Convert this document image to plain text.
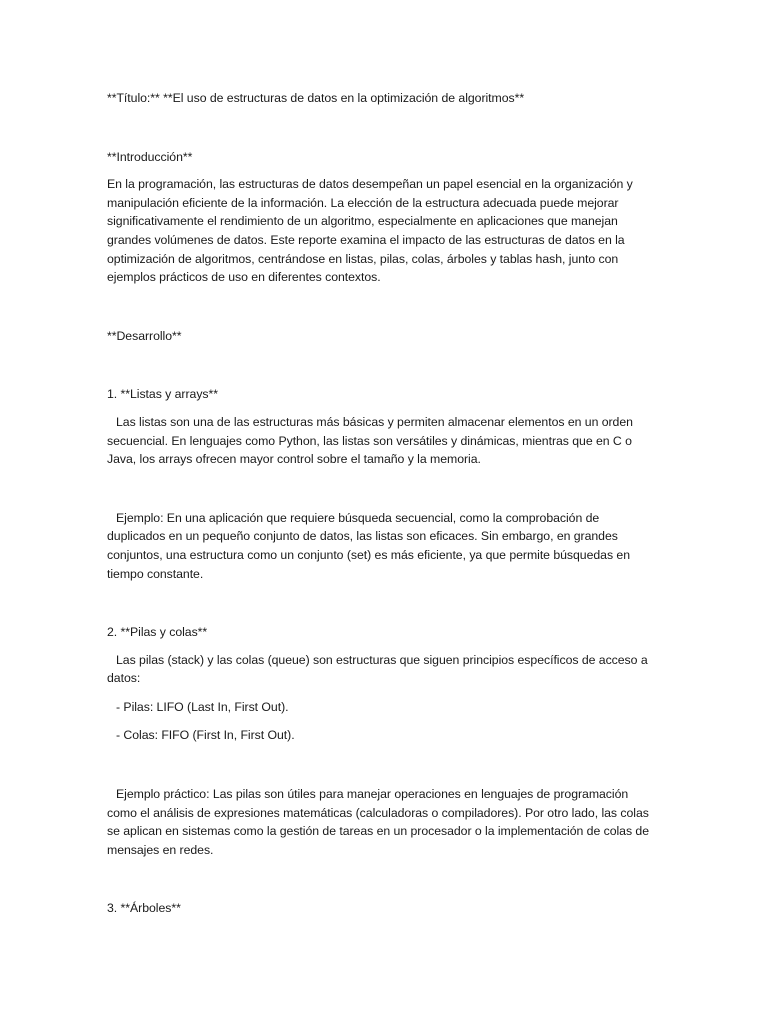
**Título:** **El uso de estructuras de datos en la optimización de algoritmos**

**Introducción**

En la programación, las estructuras de datos desempeñan un papel esencial en la organización y manipulación eficiente de la información. La elección de la estructura adecuada puede mejorar significativamente el rendimiento de un algoritmo, especialmente en aplicaciones que manejan grandes volúmenes de datos. Este reporte examina el impacto de las estructuras de datos en la optimización de algoritmos, centrándose en listas, pilas, colas, árboles y tablas hash, junto con ejemplos prácticos de uso en diferentes contextos.

**Desarrollo**

1. **Listas y arrays**

Las listas son una de las estructuras más básicas y permiten almacenar elementos en un orden secuencial. En lenguajes como Python, las listas son versátiles y dinámicas, mientras que en C o Java, los arrays ofrecen mayor control sobre el tamaño y la memoria.

Ejemplo: En una aplicación que requiere búsqueda secuencial, como la comprobación de duplicados en un pequeño conjunto de datos, las listas son eficaces. Sin embargo, en grandes conjuntos, una estructura como un conjunto (set) es más eficiente, ya que permite búsquedas en tiempo constante.

2. **Pilas y colas**

Las pilas (stack) y las colas (queue) son estructuras que siguen principios específicos de acceso a datos:

- Pilas: LIFO (Last In, First Out).

- Colas: FIFO (First In, First Out).

Ejemplo práctico: Las pilas son útiles para manejar operaciones en lenguajes de programación como el análisis de expresiones matemáticas (calculadoras o compiladores). Por otro lado, las colas se aplican en sistemas como la gestión de tareas en un procesador o la implementación de colas de mensajes en redes.

3. **Árboles**
